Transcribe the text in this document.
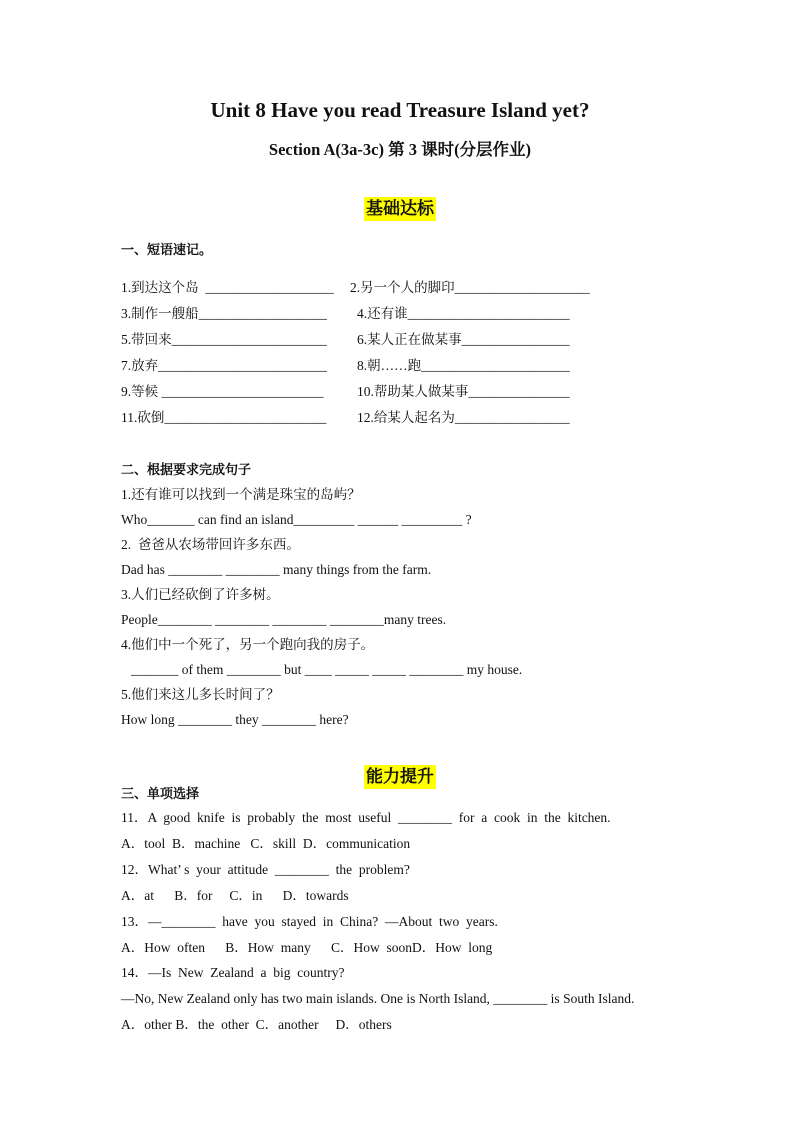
Unit 8 Have you read Treasure Island yet?
Section A(3a-3c) 第 3 课时(分层作业)
基础达标
一、短语速记。
1.到达这个岛  ___________________ 2.另一个人的脚印____________________
3.制作一艘船___________________ 4.还有谁________________________
5.带回来_______________________ 6.某人正在做某事________________
7.放弃_________________________ 8.朝……跑______________________
9.等候 ________________________ 10.帮助某人做某事_______________
11.砍倒________________________ 12.给某人起名为_________________
二、根据要求完成句子
1.还有谁可以找到一个满是珠宝的岛屿？
Who_______ can find an island_________ ______ _________ ?
2.  爸爸从农场带回许多东西。
Dad has ________ ________ many things from the farm.
3.人们已经砍倒了许多树。
People________ ________ ________ ________many trees.
4.他们中一个死了，另一个跑向我的房子。
_______ of them ________ but ____ _____ _____ ________ my house.
5.他们来这儿多长时间了？
How long ________ they ________ here?
能力提升
三、单项选择
11．A  good  knife  is  probably  the  most  useful  ________  for  a  cook  in  the  kitchen.
A．tool  B．machine   C．skill  D．communication
12．What’ s  your  attitude  ________  the  problem?
A．at      B．for     C．in      D．towards
13．—________  have  you  stayed  in  China?  —About  two  years.
A．How  often      B．How  many      C．How  soonD．How  long
14．—Is  New  Zealand  a  big  country?
—No, New Zealand only has two main islands. One is North Island, ________ is South Island.
A．other B．the  other  C．another     D．others
